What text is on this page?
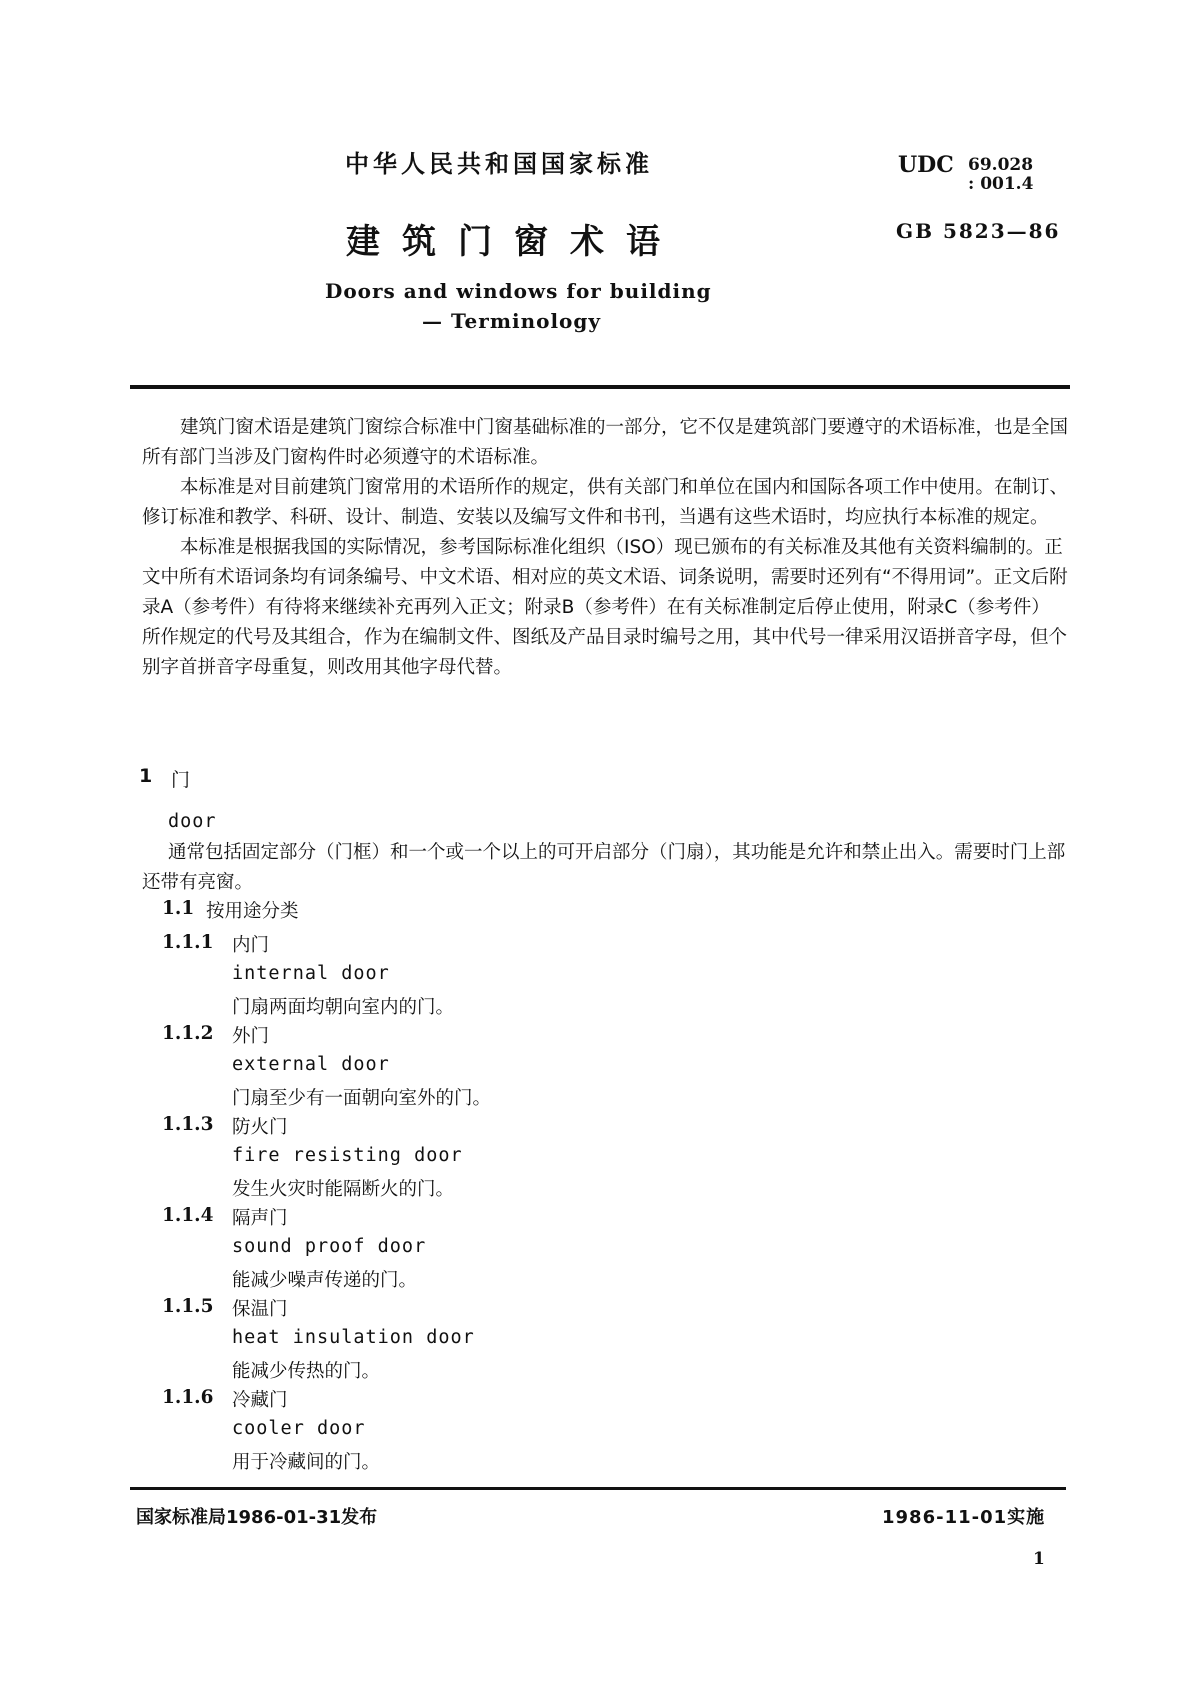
中华人民共和国国家标准
建筑门窗术语
Doors and windows for building
— Terminology
UDC 69.028
: 001.4
GB 5823—86

建筑门窗术语是建筑门窗综合标准中门窗基础标准的一部分，它不仅是建筑部门要遵守的术语标准，也是全国所有部门当涉及门窗构件时必须遵守的术语标准。

本标准是对目前建筑门窗常用的术语所作的规定，供有关部门和单位在国内和国际各项工作中使用。在制订、修订标准和教学、科研、设计、制造、安装以及编写文件和书刊，当遇有这些术语时，均应执行本标准的规定。

本标准是根据我国的实际情况，参考国际标准化组织（ISO）现已颁布的有关标准及其他有关资料编制的。正文中所有术语词条均有词条编号、中文术语、相对应的英文术语、词条说明，需要时还列有“不得用词”。正文后附录A（参考件）有待将来继续补充再列入正文；附录B（参考件）在有关标准制定后停止使用，附录C（参考件）所作规定的代号及其组合，作为在编制文件、图纸及产品目录时编号之用，其中代号一律采用汉语拼音字母，但个别字首拼音字母重复，则改用其他字母代替。

1 门
door
通常包括固定部分（门框）和一个或一个以上的可开启部分（门扇），其功能是允许和禁止出入。需要时门上部还带有亮窗。
1.1 按用途分类
1.1.1 内门
internal door
门扇两面均朝向室内的门。
1.1.2 外门
external door
门扇至少有一面朝向室外的门。
1.1.3 防火门
fire resisting door
发生火灾时能隔断火的门。
1.1.4 隔声门
sound proof door
能减少噪声传递的门。
1.1.5 保温门
heat insulation door
能减少传热的门。
1.1.6 冷藏门
cooler door
用于冷藏间的门。
国家标准局1986-01-31发布	1986-11-01实施
1
